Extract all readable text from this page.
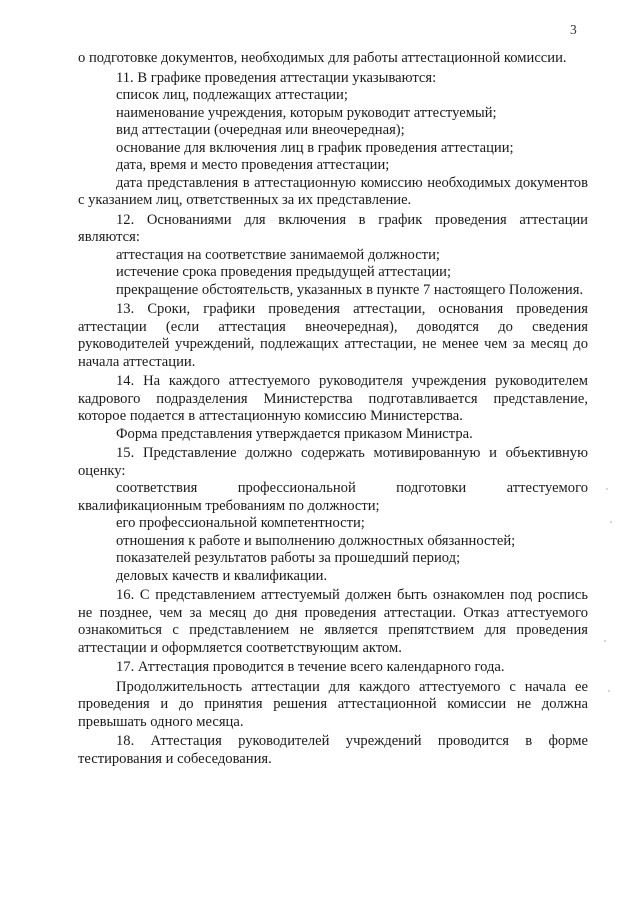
3

о подготовке документов, необходимых для работы аттестационной комиссии.

11. В графике проведения аттестации указываются:

список лиц, подлежащих аттестации;

наименование учреждения, которым руководит аттестуемый;

вид аттестации (очередная или внеочередная);

основание для включения лиц в график проведения аттестации;

дата, время и место проведения аттестации;

дата представления в аттестационную комиссию необходимых документов с указанием лиц, ответственных за их представление.

12. Основаниями для включения в график проведения аттестации являются:

аттестация на соответствие занимаемой должности;

истечение срока проведения предыдущей аттестации;

прекращение обстоятельств, указанных в пункте 7 настоящего Положения.

13. Сроки, графики проведения аттестации, основания проведения аттестации (если аттестация внеочередная), доводятся до сведения руководителей учреждений, подлежащих аттестации, не менее чем за месяц до начала аттестации.

14. На каждого аттестуемого руководителя учреждения руководителем кадрового подразделения Министерства подготавливается представление, которое подается в аттестационную комиссию Министерства.

Форма представления утверждается приказом Министра.

15. Представление должно содержать мотивированную и объективную оценку:

соответствия профессиональной подготовки аттестуемого квалификационным требованиям по должности;

его профессиональной компетентности;

отношения к работе и выполнению должностных обязанностей;

показателей результатов работы за прошедший период;

деловых качеств и квалификации.

16. С представлением аттестуемый должен быть ознакомлен под роспись не позднее, чем за месяц до дня проведения аттестации. Отказ аттестуемого ознакомиться с представлением не является препятствием для проведения аттестации и оформляется соответствующим актом.

17. Аттестация проводится в течение всего календарного года.

Продолжительность аттестации для каждого аттестуемого с начала ее проведения и до принятия решения аттестационной комиссии не должна превышать одного месяца.

18. Аттестация руководителей учреждений проводится в форме тестирования и собеседования.
